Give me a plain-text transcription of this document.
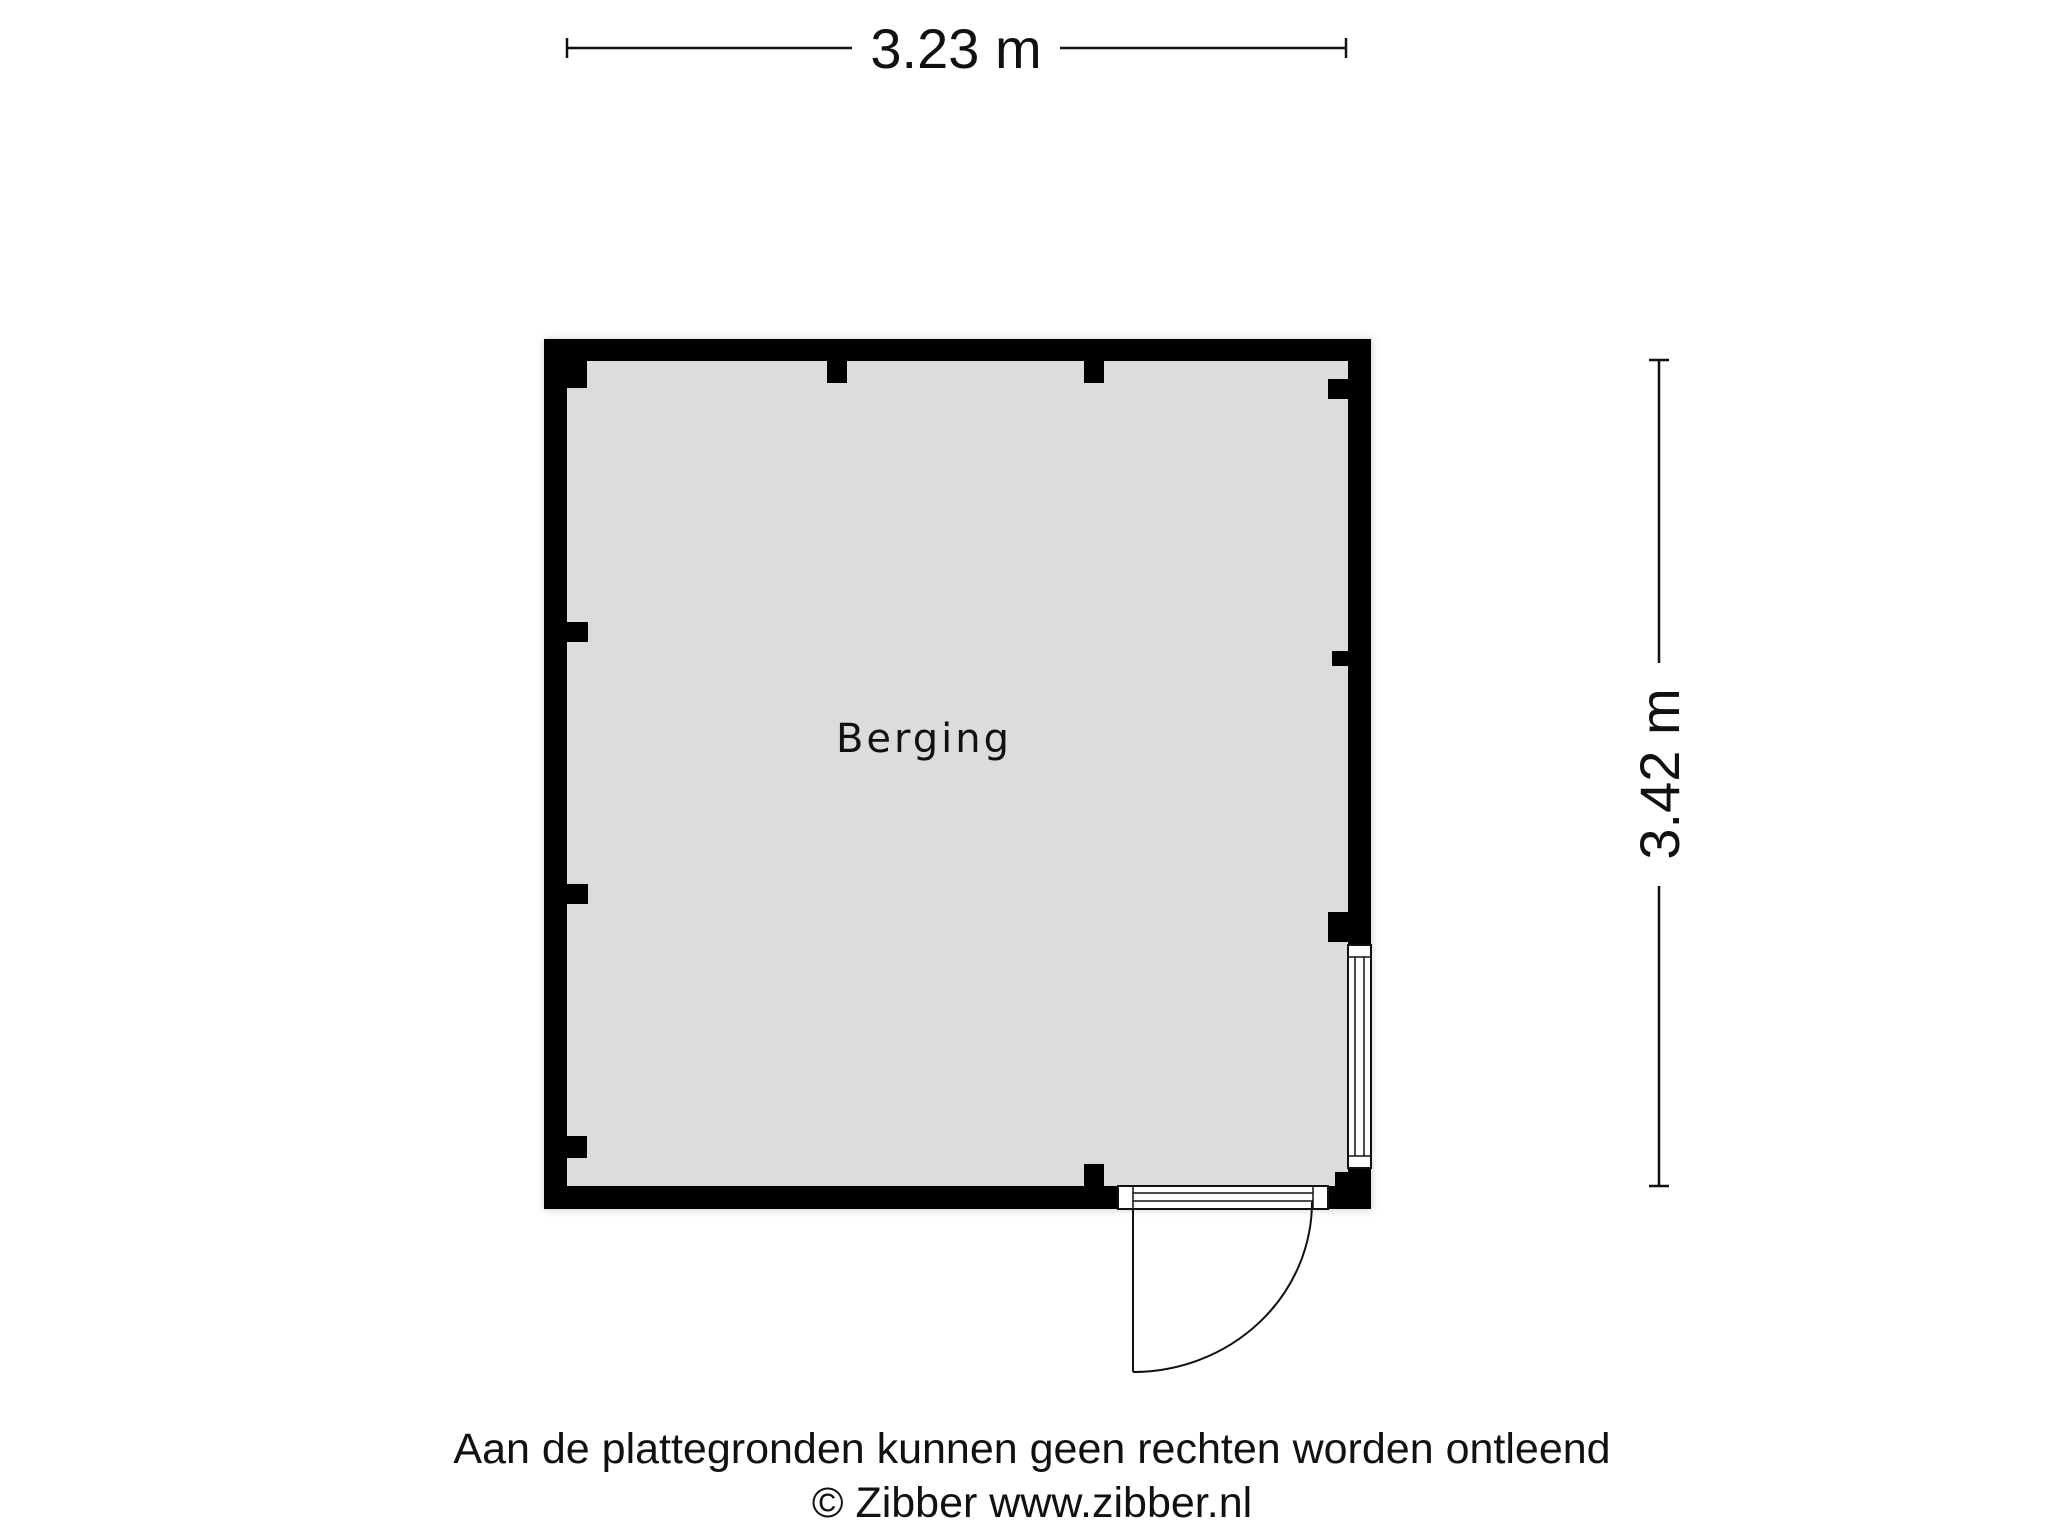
3.23 m
3.42 m
Berging
Aan de plattegronden kunnen geen rechten worden ontleend
© Zibber www.zibber.nl
